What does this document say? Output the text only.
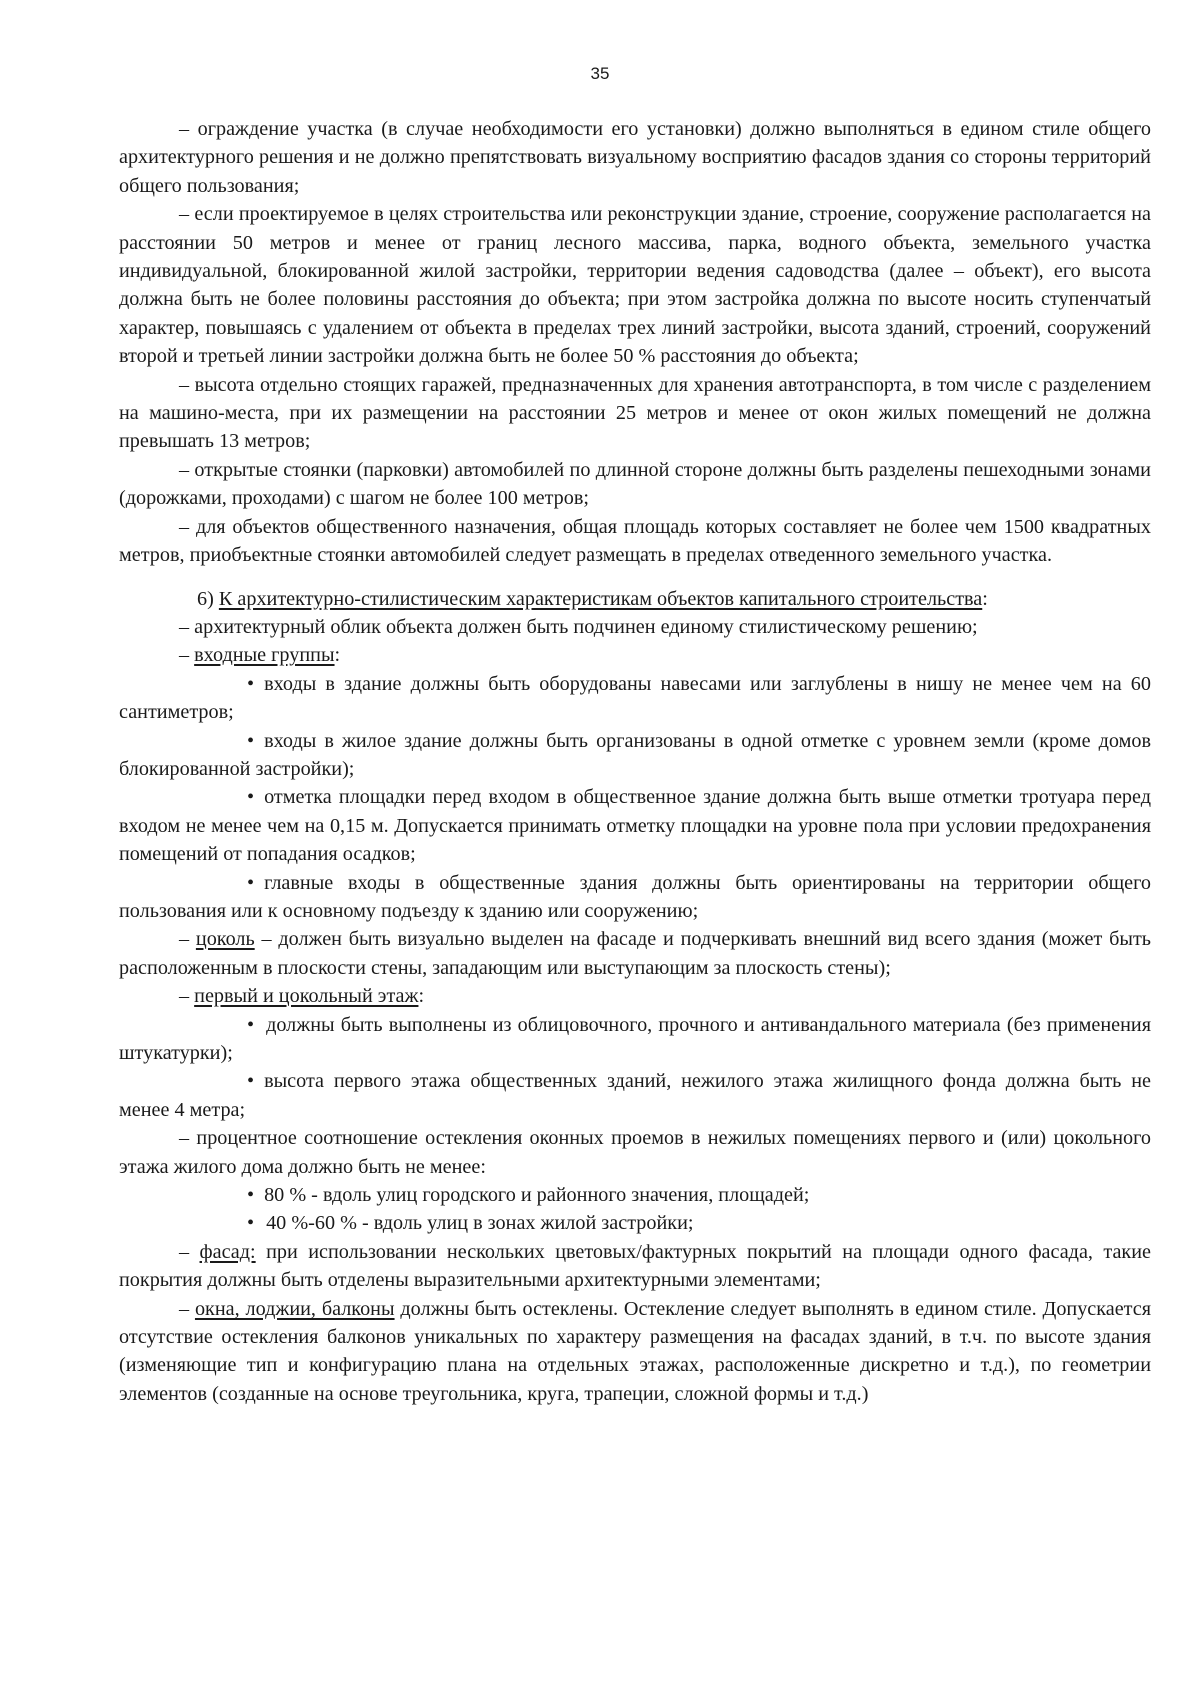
35

– ограждение участка (в случае необходимости его установки) должно выполняться в едином стиле общего архитектурного решения и не должно препятствовать визуальному восприятию фасадов здания со стороны территорий общего пользования;

– если проектируемое в целях строительства или реконструкции здание, строение, сооружение располагается на расстоянии 50 метров и менее от границ лесного массива, парка, водного объекта, земельного участка индивидуальной, блокированной жилой застройки, территории ведения садоводства (далее – объект), его высота должна быть не более половины расстояния до объекта; при этом застройка должна по высоте носить ступенчатый характер, повышаясь с удалением от объекта в пределах трех линий застройки, высота зданий, строений, сооружений второй и третьей линии застройки должна быть не более 50 % расстояния до объекта;

– высота отдельно стоящих гаражей, предназначенных для хранения автотранспорта, в том числе с разделением на машино-места, при их размещении на расстоянии 25 метров и менее от окон жилых помещений не должна превышать 13 метров;

– открытые стоянки (парковки) автомобилей по длинной стороне должны быть разделены пешеходными зонами (дорожками, проходами) с шагом не более 100 метров;

– для объектов общественного назначения, общая площадь которых составляет не более чем 1500 квадратных метров, приобъектные стоянки автомобилей следует размещать в пределах отведенного земельного участка.

6) К архитектурно-стилистическим характеристикам объектов капитального строительства:

– архитектурный облик объекта должен быть подчинен единому стилистическому решению;

– входные группы:

• входы в здание должны быть оборудованы навесами или заглублены в нишу не менее чем на 60 сантиметров;

• входы в жилое здание должны быть организованы в одной отметке с уровнем земли (кроме домов блокированной застройки);

• отметка площадки перед входом в общественное здание должна быть выше отметки тротуара перед входом не менее чем на 0,15 м. Допускается принимать отметку площадки на уровне пола при условии предохранения помещений от попадания осадков;

• главные входы в общественные здания должны быть ориентированы на территории общего пользования или к основному подъезду к зданию или сооружению;

– цоколь – должен быть визуально выделен на фасаде и подчеркивать внешний вид всего здания (может быть расположенным в плоскости стены, западающим или выступающим за плоскость стены);

– первый и цокольный этаж:

• должны быть выполнены из облицовочного, прочного и антивандального материала (без применения штукатурки);

• высота первого этажа общественных зданий, нежилого этажа жилищного фонда должна быть не менее 4 метра;

– процентное соотношение остекления оконных проемов в нежилых помещениях первого и (или) цокольного этажа жилого дома должно быть не менее:

• 80 % - вдоль улиц городского и районного значения, площадей;

• 40 %-60 % - вдоль улиц в зонах жилой застройки;

– фасад: при использовании нескольких цветовых/фактурных покрытий на площади одного фасада, такие покрытия должны быть отделены выразительными архитектурными элементами;

– окна, лоджии, балконы должны быть остеклены. Остекление следует выполнять в едином стиле. Допускается отсутствие остекления балконов уникальных по характеру размещения на фасадах зданий, в т.ч. по высоте здания (изменяющие тип и конфигурацию плана на отдельных этажах, расположенные дискретно и т.д.), по геометрии элементов (созданные на основе треугольника, круга, трапеции, сложной формы и т.д.)
